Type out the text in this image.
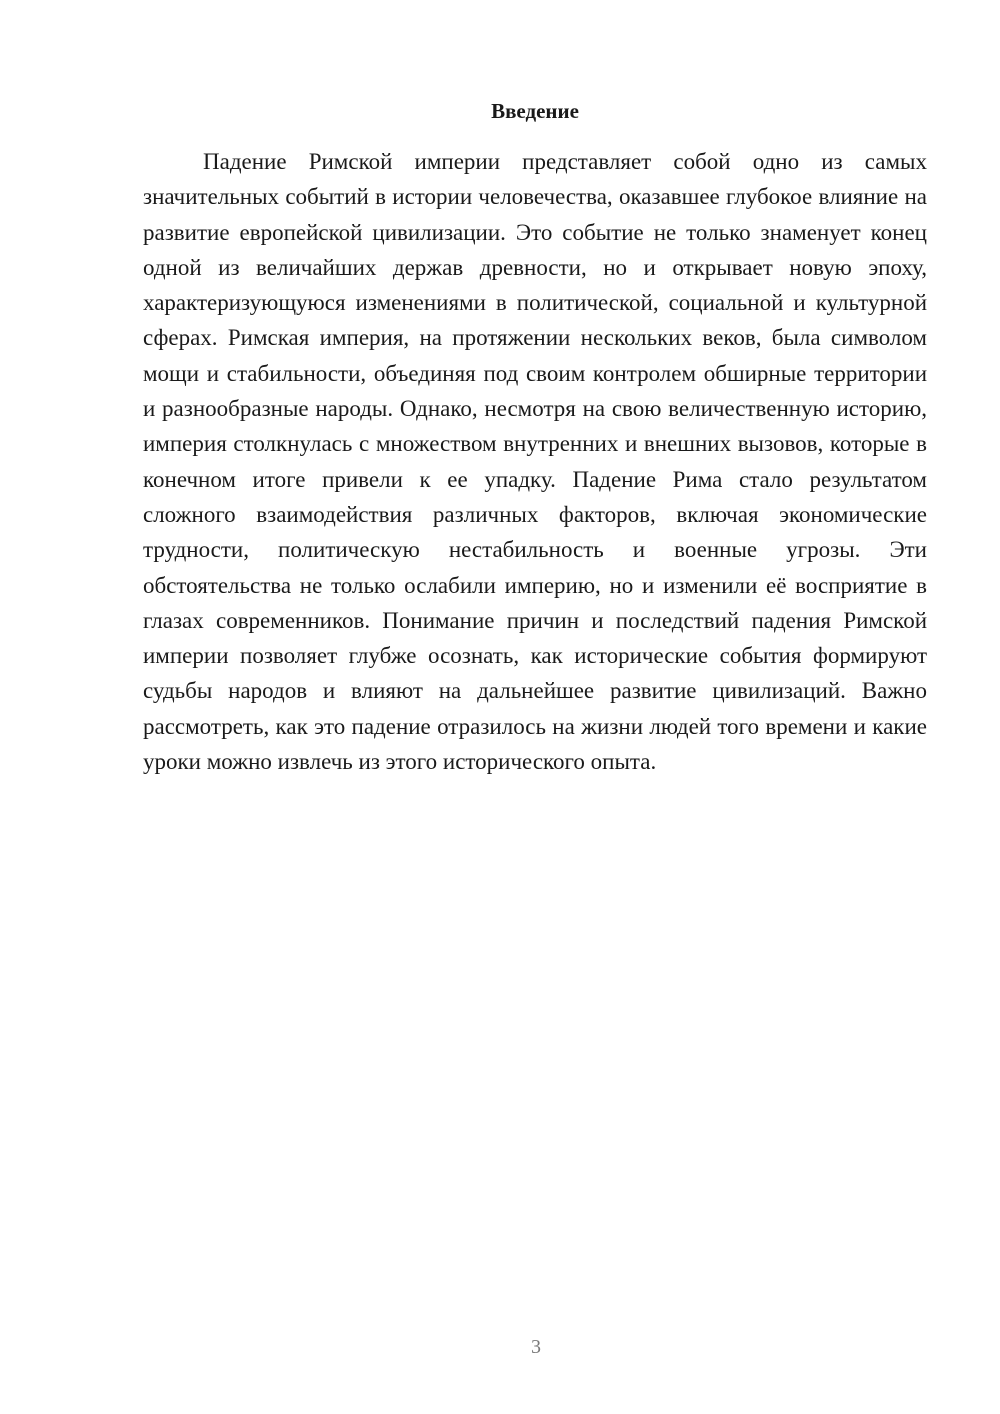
Введение

Падение Римской империи представляет собой одно из самых значительных событий в истории человечества, оказавшее глубокое влияние на развитие европейской цивилизации. Это событие не только знаменует конец одной из величайших держав древности, но и открывает новую эпоху, характеризующуюся изменениями в политической, социальной и культурной сферах. Римская империя, на протяжении нескольких веков, была символом мощи и стабильности, объединяя под своим контролем обширные территории и разнообразные народы. Однако, несмотря на свою величественную историю, империя столкнулась с множеством внутренних и внешних вызовов, которые в конечном итоге привели к ее упадку. Падение Рима стало результатом сложного взаимодействия различных факторов, включая экономические трудности, политическую нестабильность и военные угрозы. Эти обстоятельства не только ослабили империю, но и изменили её восприятие в глазах современников. Понимание причин и последствий падения Римской империи позволяет глубже осознать, как исторические события формируют судьбы народов и влияют на дальнейшее развитие цивилизаций. Важно рассмотреть, как это падение отразилось на жизни людей того времени и какие уроки можно извлечь из этого исторического опыта.

3
